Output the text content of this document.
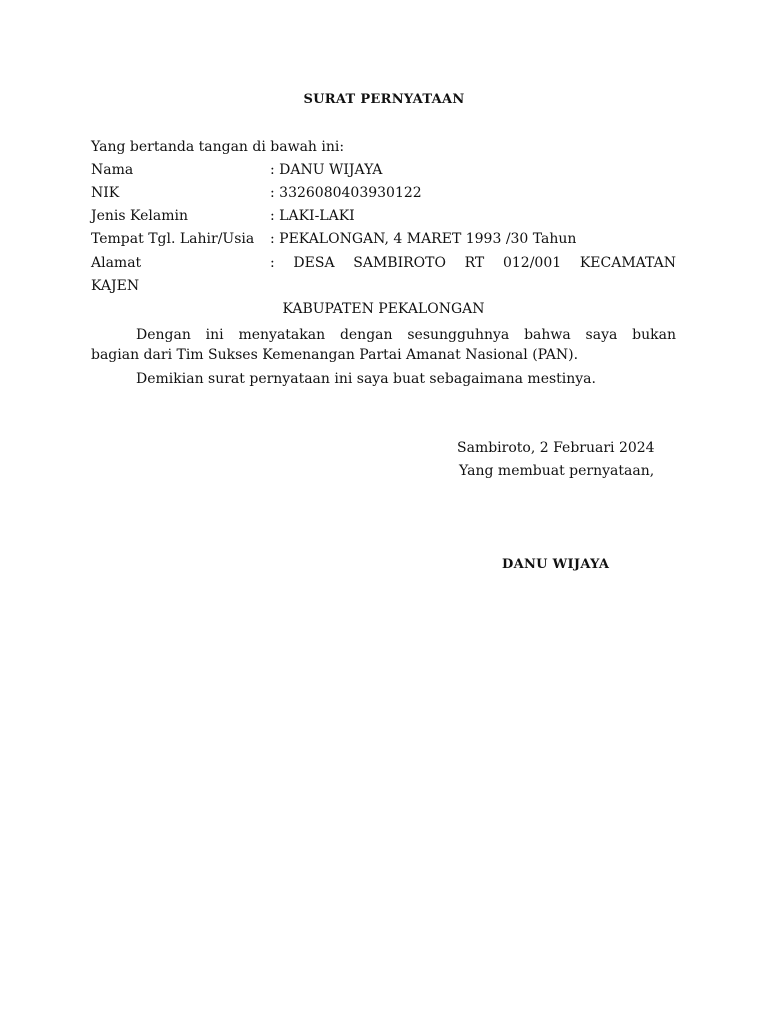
SURAT PERNYATAAN
Yang bertanda tangan di bawah ini:
Nama	: DANU WIJAYA
NIK	: 3326080403930122
Jenis Kelamin	: LAKI-LAKI
Tempat Tgl. Lahir/Usia : PEKALONGAN, 4 MARET 1993 /30 Tahun
Alamat	: DESA SAMBIROTO RT 012/001 KECAMATAN
KAJEN
KABUPATEN PEKALONGAN
Dengan ini menyatakan dengan sesungguhnya bahwa saya bukan
bagian dari Tim Sukses Kemenangan Partai Amanat Nasional (PAN).
Demikian surat pernyataan ini saya buat sebagaimana mestinya.
Sambiroto, 2 Februari 2024
Yang membuat pernyataan,
DANU WIJAYA
